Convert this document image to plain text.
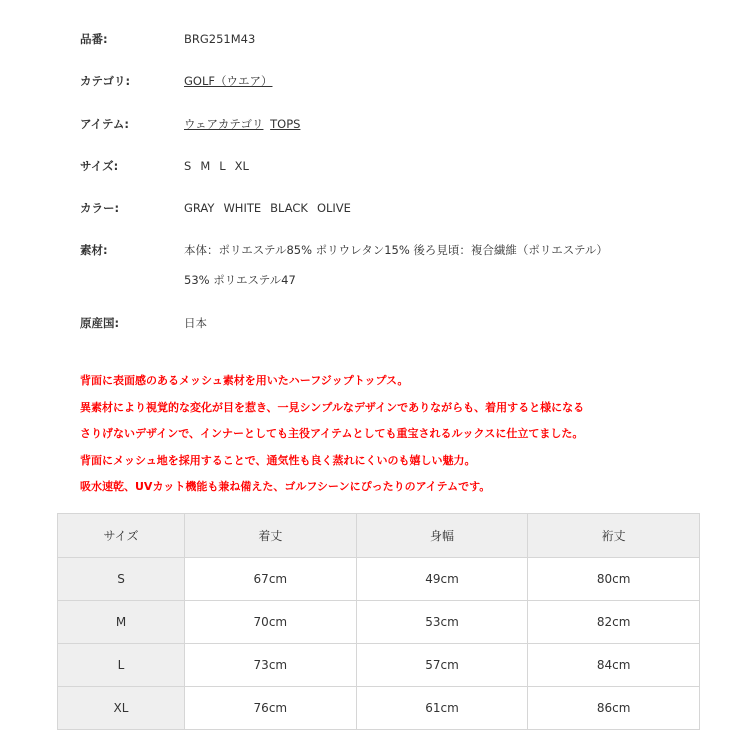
品番:	BRG251M43
カテゴリ:	GOLF（ウエア）
アイテム:	ウェアカテゴリ TOPS
サイズ:	S M L XL
カラー:	GRAY WHITE BLACK OLIVE
素材:	本体：ポリエステル85% ポリウレタン15% 後ろ見頃：複合繊維（ポリエステル）
53% ポリエステル47
原産国:	日本

背面に表面感のあるメッシュ素材を用いたハーフジップトップス。

異素材により視覚的な変化が目を惹き、一見シンプルなデザインでありながらも、着用すると様になる

さりげないデザインで、インナーとしても主役アイテムとしても重宝されるルックスに仕立てました。

背面にメッシュ地を採用することで、通気性も良く蒸れにくいのも嬉しい魅力。

吸水速乾、UVカット機能も兼ね備えた、ゴルフシーンにぴったりのアイテムです。

サイズ	着丈	身幅	裄丈
S	67cm	49cm	80cm
M	70cm	53cm	82cm
L	73cm	57cm	84cm
XL	76cm	61cm	86cm
